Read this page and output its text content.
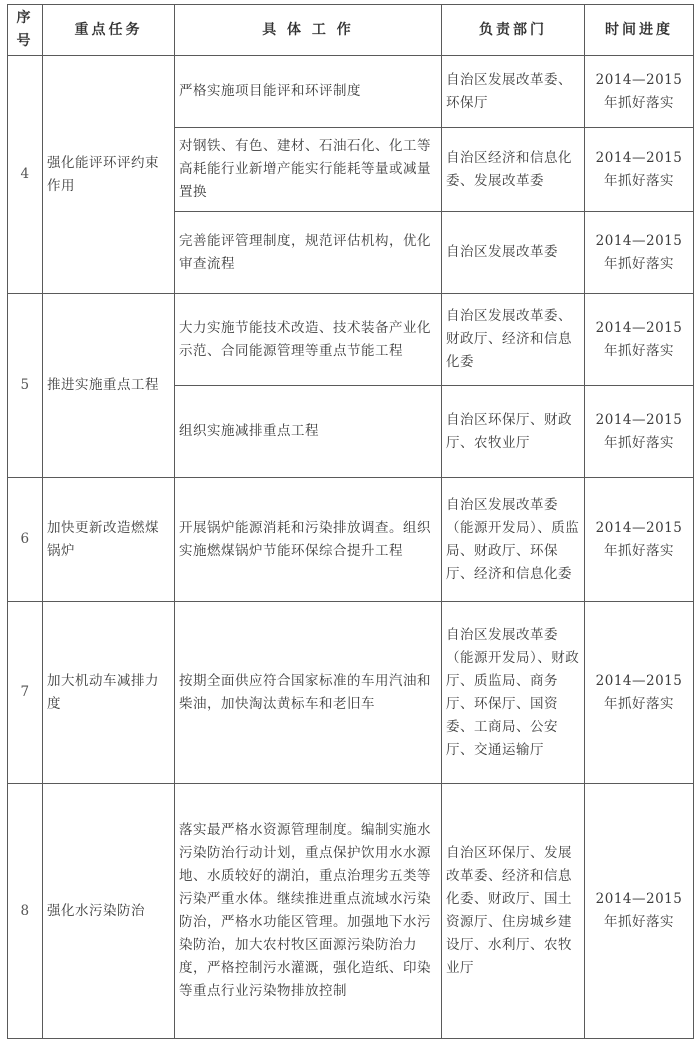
序号	重点任务	具 体 工 作	负责部门	时间进度
4	强化能评环评约束作用	严格实施项目能评和环评制度	自治区发展改革委、环保厅	2014—2015 年抓好落实
		对钢铁、有色、建材、石油石化、化工等高耗能行业新增产能实行能耗等量或减量置换	自治区经济和信息化委、发展改革委	2014—2015 年抓好落实
		完善能评管理制度，规范评估机构，优化审查流程	自治区发展改革委	2014—2015 年抓好落实
5	推进实施重点工程	大力实施节能技术改造、技术装备产业化示范、合同能源管理等重点节能工程	自治区发展改革委、财政厅、经济和信息化委	2014—2015 年抓好落实
		组织实施减排重点工程	自治区环保厅、财政厅、农牧业厅	2014—2015 年抓好落实
6	加快更新改造燃煤锅炉	开展锅炉能源消耗和污染排放调查。组织实施燃煤锅炉节能环保综合提升工程	自治区发展改革委（能源开发局）、质监局、财政厅、环保厅、经济和信息化委	2014—2015 年抓好落实
7	加大机动车减排力度	按期全面供应符合国家标准的车用汽油和柴油，加快淘汰黄标车和老旧车	自治区发展改革委（能源开发局）、财政厅、质监局、商务厅、环保厅、国资委、工商局、公安厅、交通运输厅	2014—2015 年抓好落实
8	强化水污染防治	落实最严格水资源管理制度。编制实施水污染防治行动计划，重点保护饮用水水源地、水质较好的湖泊，重点治理劣五类等污染严重水体。继续推进重点流域水污染防治，严格水功能区管理。加强地下水污染防治，加大农村牧区面源污染防治力度，严格控制污水灌溉，强化造纸、印染等重点行业污染物排放控制	自治区环保厅、发展改革委、经济和信息化委、财政厅、国土资源厅、住房城乡建设厅、水利厅、农牧业厅	2014—2015 年抓好落实
